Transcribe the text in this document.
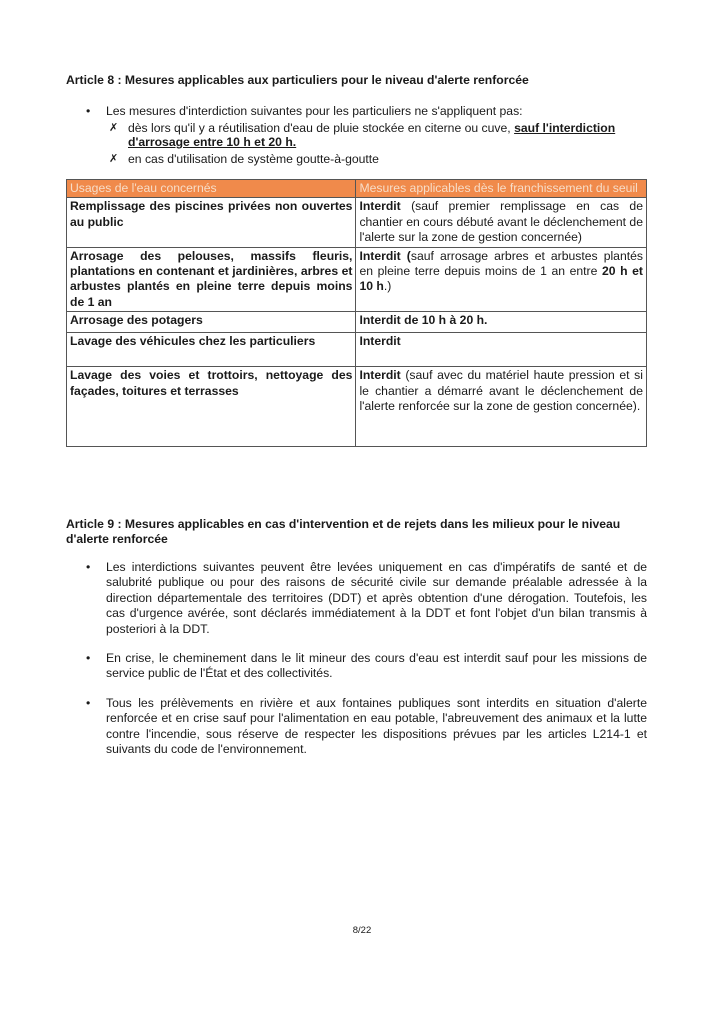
Article 8 : Mesures applicables aux particuliers pour le niveau d'alerte renforcée
• Les mesures d'interdiction suivantes pour les particuliers ne s'appliquent pas:
✗ dès lors qu'il y a réutilisation d'eau de pluie stockée en citerne ou cuve, sauf l'interdiction d'arrosage entre 10 h et 20 h.
✗ en cas d'utilisation de système goutte-à-goutte
Usages de l'eau concernés	Mesures applicables dès le franchissement du seuil
Remplissage des piscines privées non ouvertes au public	Interdit (sauf premier remplissage en cas de chantier en cours débuté avant le déclenchement de l'alerte sur la zone de gestion concernée)
Arrosage des pelouses, massifs fleuris, plantations en contenant et jardinières, arbres et arbustes plantés en pleine terre depuis moins de 1 an	Interdit (sauf arrosage arbres et arbustes plantés en pleine terre depuis moins de 1 an entre 20 h et 10 h.)
Arrosage des potagers	Interdit de 10 h à 20 h.
Lavage des véhicules chez les particuliers	Interdit
Lavage des voies et trottoirs, nettoyage des façades, toitures et terrasses	Interdit (sauf avec du matériel haute pression et si le chantier a démarré avant le déclenchement de l'alerte renforcée sur la zone de gestion concernée).
Article 9 : Mesures applicables en cas d'intervention et de rejets dans les milieux pour le niveau d'alerte renforcée
• Les interdictions suivantes peuvent être levées uniquement en cas d'impératifs de santé et de salubrité publique ou pour des raisons de sécurité civile sur demande préalable adressée à la direction départementale des territoires (DDT) et après obtention d'une dérogation. Toutefois, les cas d'urgence avérée, sont déclarés immédiatement à la DDT et font l'objet d'un bilan transmis à posteriori à la DDT.
• En crise, le cheminement dans le lit mineur des cours d'eau est interdit sauf pour les missions de service public de l'État et des collectivités.
• Tous les prélèvements en rivière et aux fontaines publiques sont interdits en situation d'alerte renforcée et en crise sauf pour l'alimentation en eau potable, l'abreuvement des animaux et la lutte contre l'incendie, sous réserve de respecter les dispositions prévues par les articles L214-1 et suivants du code de l'environnement.
8/22
